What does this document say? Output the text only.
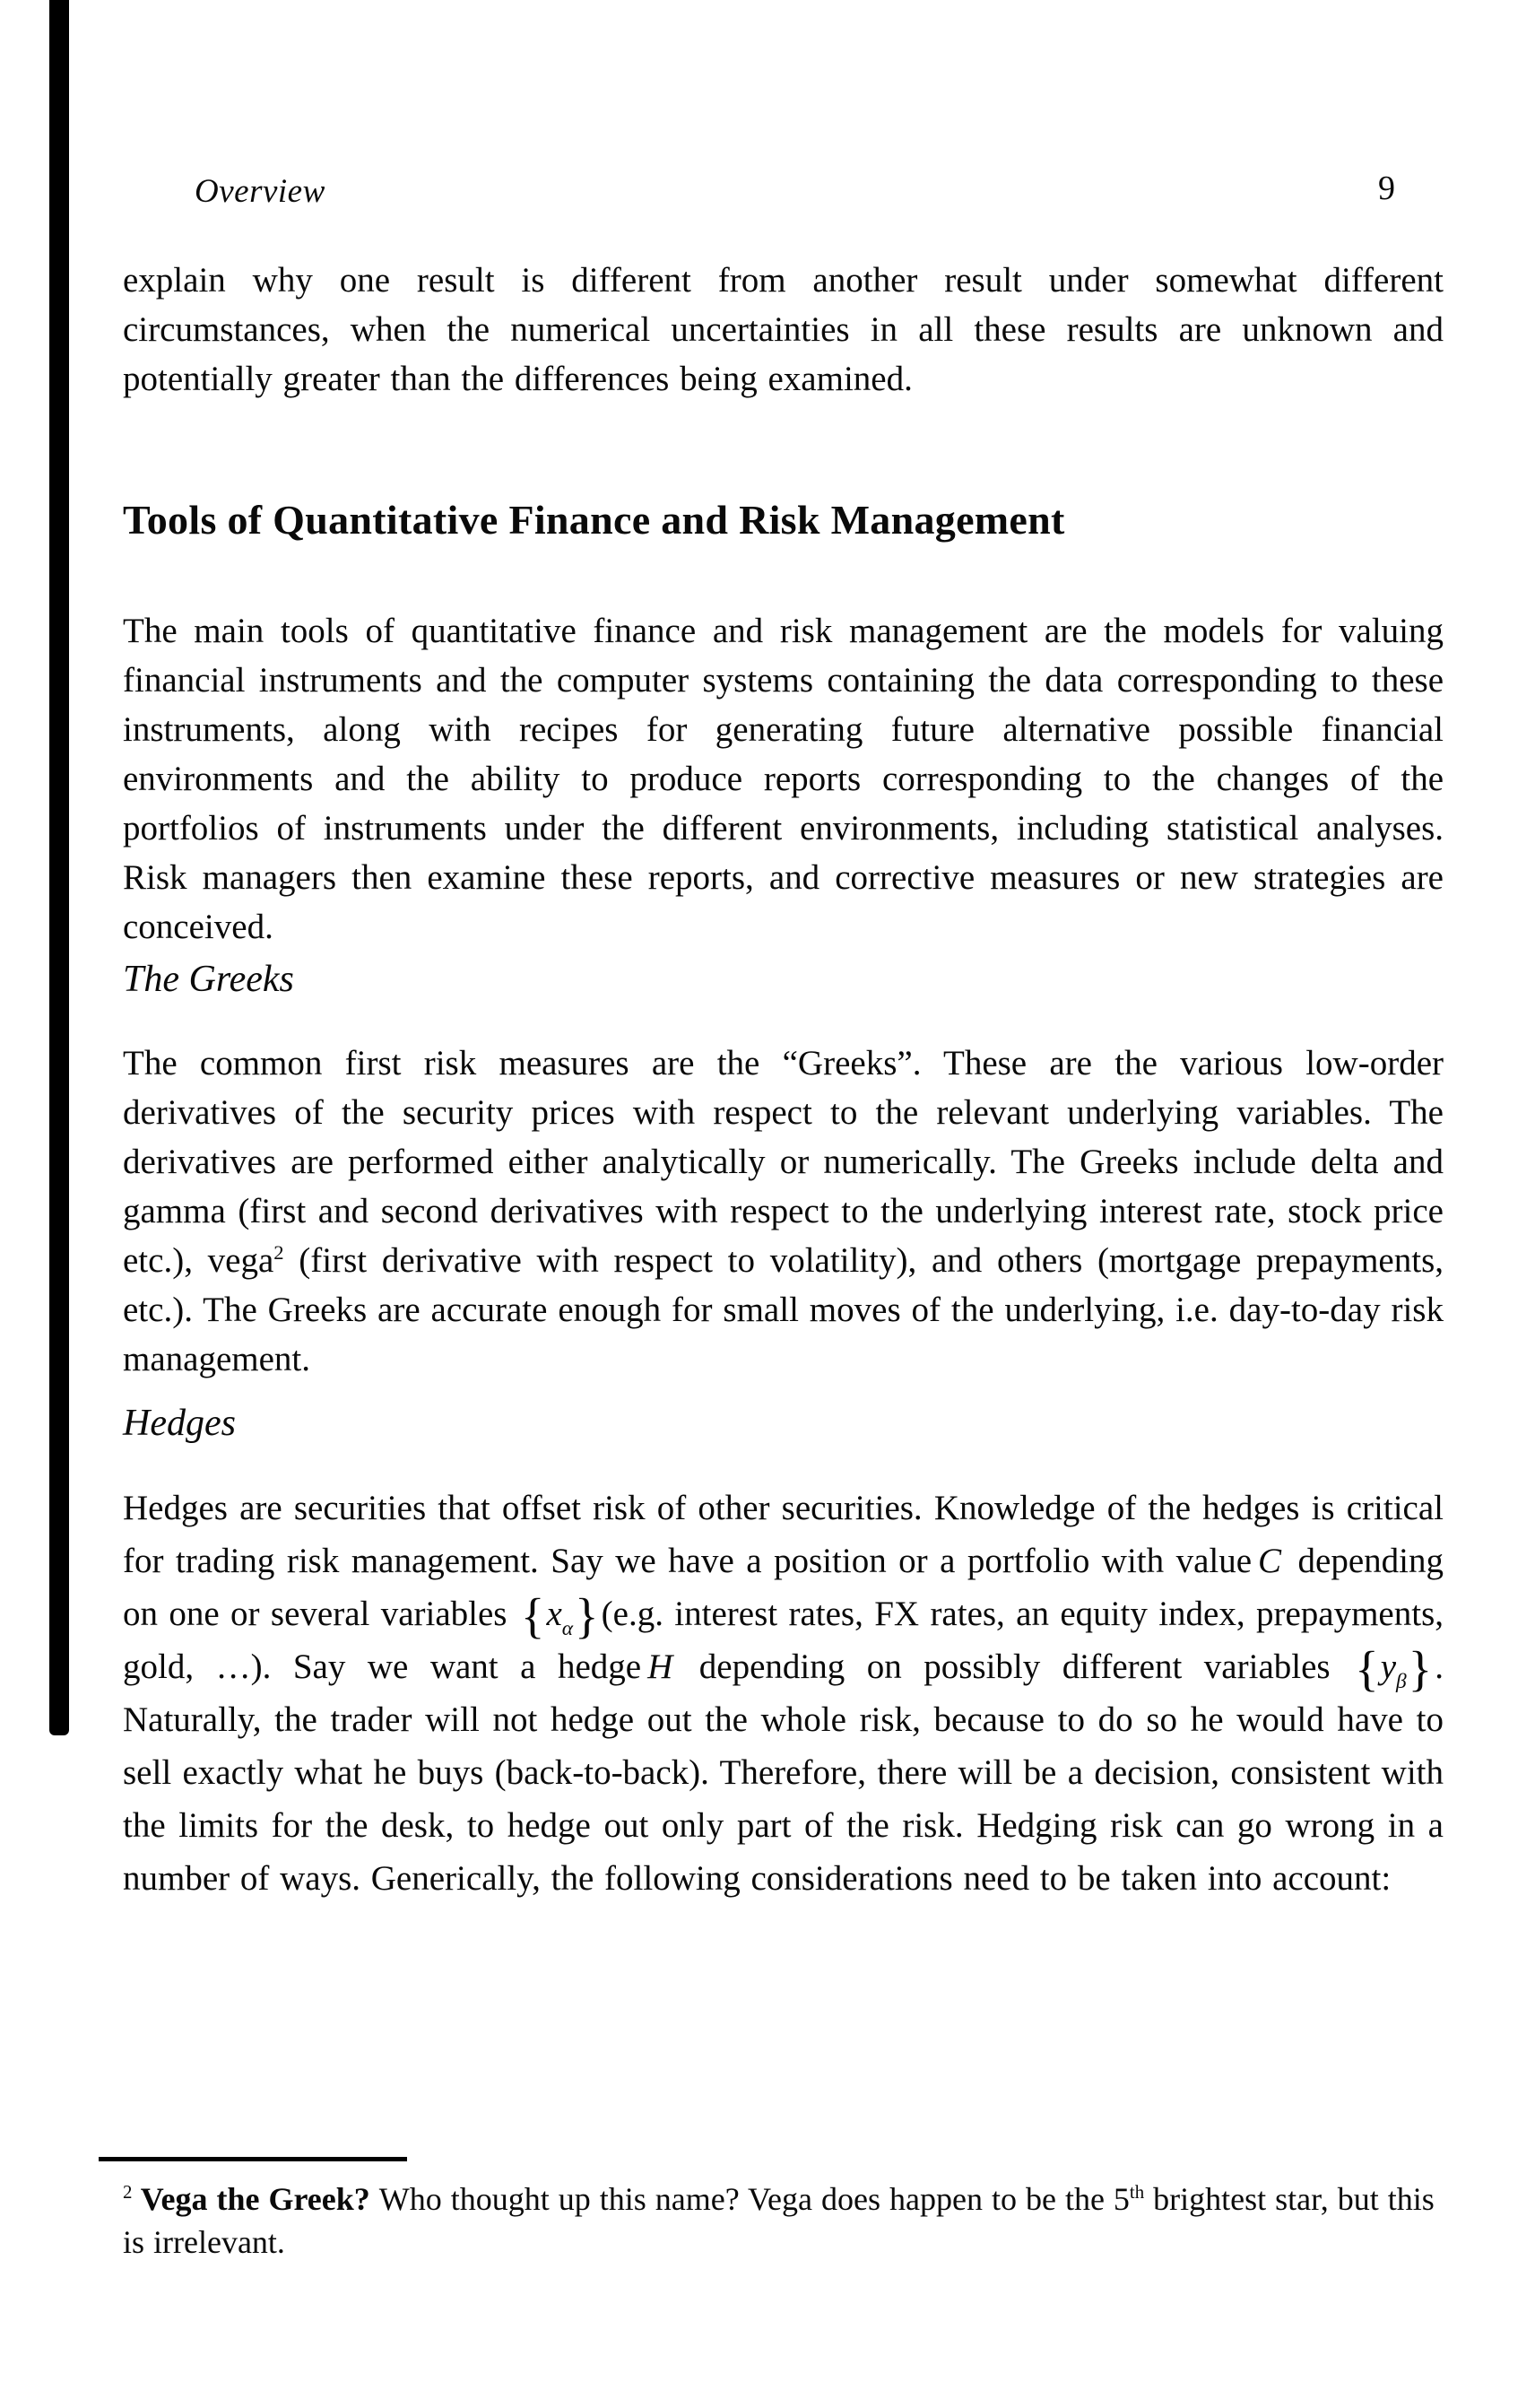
Overview	9
explain why one result is different from another result under somewhat different circumstances, when the numerical uncertainties in all these results are unknown and potentially greater than the differences being examined.
Tools of Quantitative Finance and Risk Management
The main tools of quantitative finance and risk management are the models for valuing financial instruments and the computer systems containing the data corresponding to these instruments, along with recipes for generating future alternative possible financial environments and the ability to produce reports corresponding to the changes of the portfolios of instruments under the different environments, including statistical analyses. Risk managers then examine these reports, and corrective measures or new strategies are conceived.
The Greeks
The common first risk measures are the “Greeks”. These are the various low-order derivatives of the security prices with respect to the relevant underlying variables. The derivatives are performed either analytically or numerically. The Greeks include delta and gamma (first and second derivatives with respect to the underlying interest rate, stock price etc.), vega$^2$ (first derivative with respect to volatility), and others (mortgage prepayments, etc.). The Greeks are accurate enough for small moves of the underlying, i.e. day-to-day risk management.
Hedges
Hedges are securities that offset risk of other securities. Knowledge of the hedges is critical for trading risk management. Say we have a position or a portfolio with value C depending on one or several variables $\{x_\alpha\}(e.g$. interest rates, FX rates, an equity index, prepayments, gold, …). Say we want a hedge H depending on possibly different variables $\{y_\beta\}$. Naturally, the trader will not hedge out the whole risk, because to do so he would have to sell exactly what he buys (back-to-back). Therefore, there will be a decision, consistent with the limits for the desk, to hedge out only part of the risk. Hedging risk can go wrong in a number of ways. Generically, the following considerations need to be taken into account:
$^2$ Vega the Greek? Who thought up this name? Vega does happen to be the 5th brightest star, but this is irrelevant.
